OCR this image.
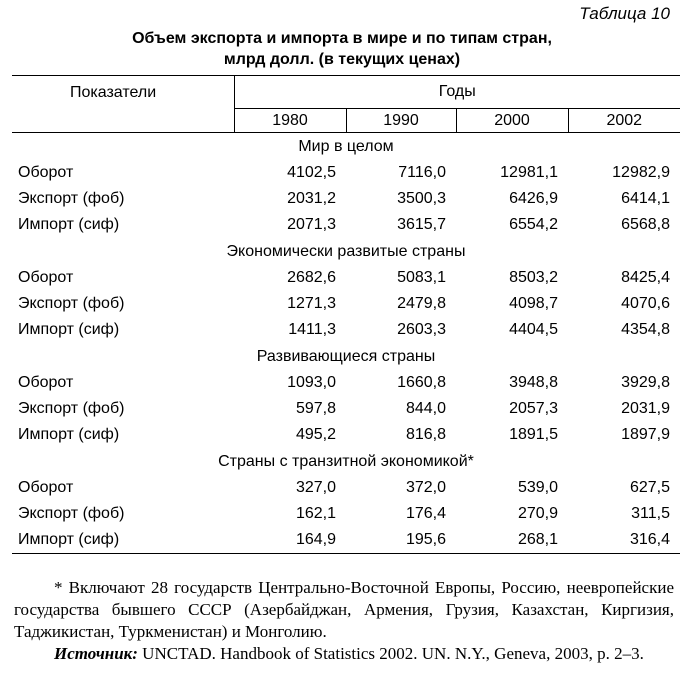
Таблица 10
Объем экспорта и импорта в мире и по типам стран,
млрд долл. (в текущих ценах)
Показатели	Годы			
	1980	1990	2000	2002
Мир в целом				
Оборот	4102,5	7116,0	12981,1	12982,9
Экспорт (фоб)	2031,2	3500,3	6426,9	6414,1
Импорт (сиф)	2071,3	3615,7	6554,2	6568,8
Экономически развитые страны				
Оборот	2682,6	5083,1	8503,2	8425,4
Экспорт (фоб)	1271,3	2479,8	4098,7	4070,6
Импорт (сиф)	1411,3	2603,3	4404,5	4354,8
Развивающиеся страны				
Оборот	1093,0	1660,8	3948,8	3929,8
Экспорт (фоб)	597,8	844,0	2057,3	2031,9
Импорт (сиф)	495,2	816,8	1891,5	1897,9
Страны с транзитной экономикой*				
Оборот	327,0	372,0	539,0	627,5
Экспорт (фоб)	162,1	176,4	270,9	311,5
Импорт (сиф)	164,9	195,6	268,1	316,4
* Включают 28 государств Центрально-Восточной Европы, Россию, неевропейские государства бывшего СССР (Азербайджан, Армения, Грузия, Казахстан, Киргизия, Таджикистан, Туркменистан) и Монголию.
Источник: UNCTAD. Handbook of Statistics 2002. UN. N.Y., Geneva, 2003, p. 2–3.
